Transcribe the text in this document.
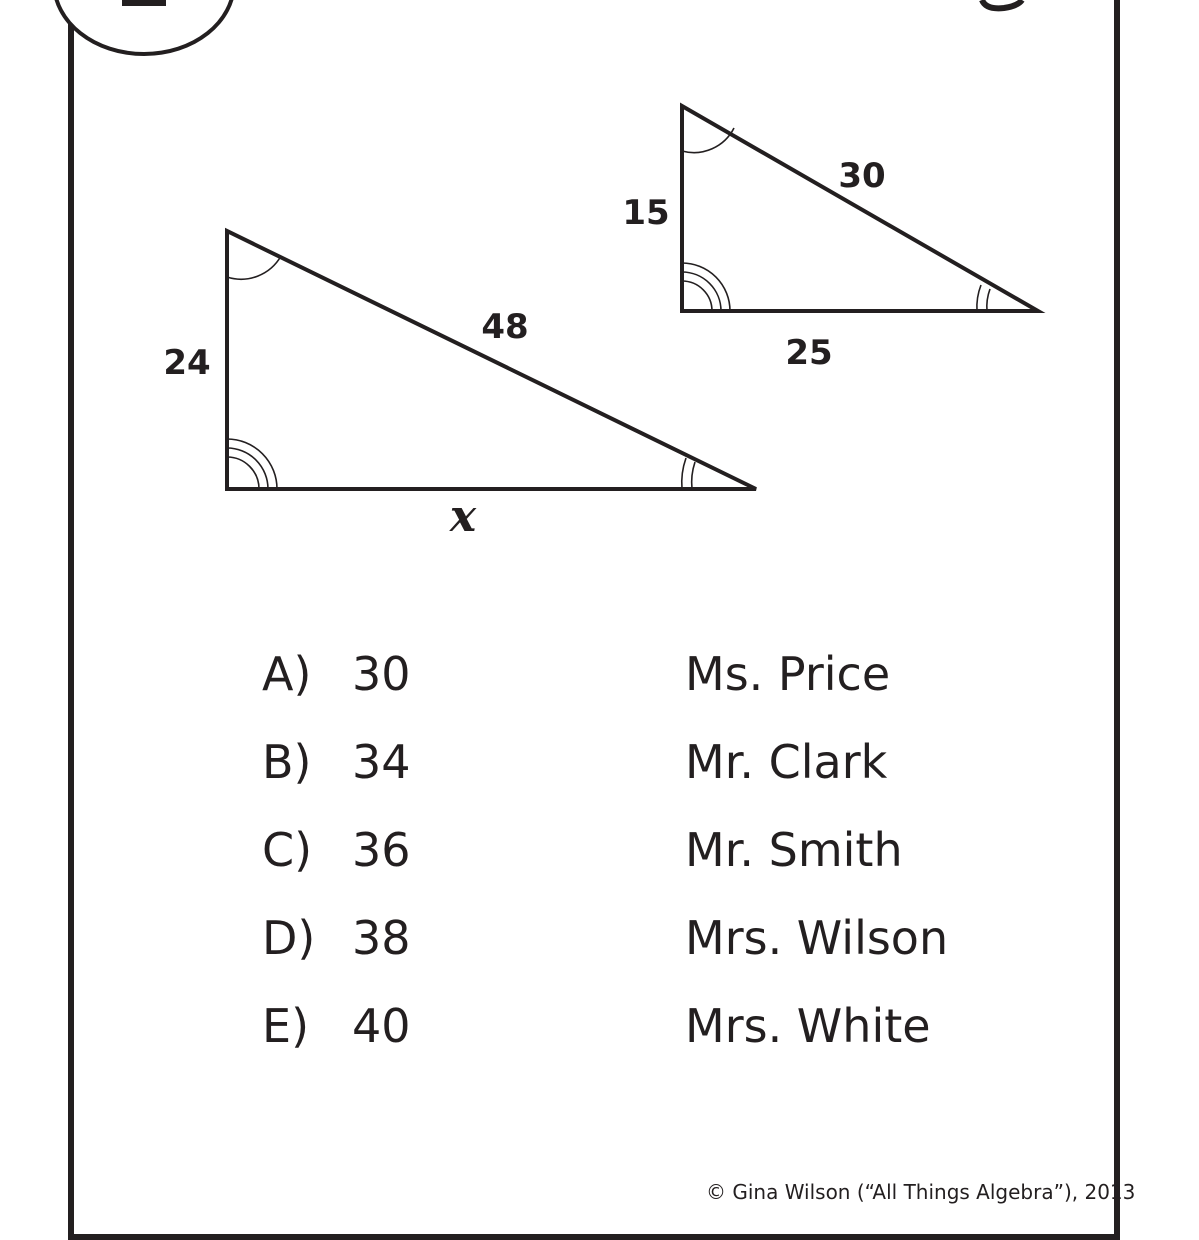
24
48
x
15
30
25
A) 30
B) 34
C) 36
D) 38
E) 40
Ms. Price
Mr. Clark
Mr. Smith
Mrs. Wilson
Mrs. White
© Gina Wilson (“All Things Algebra”), 2013
